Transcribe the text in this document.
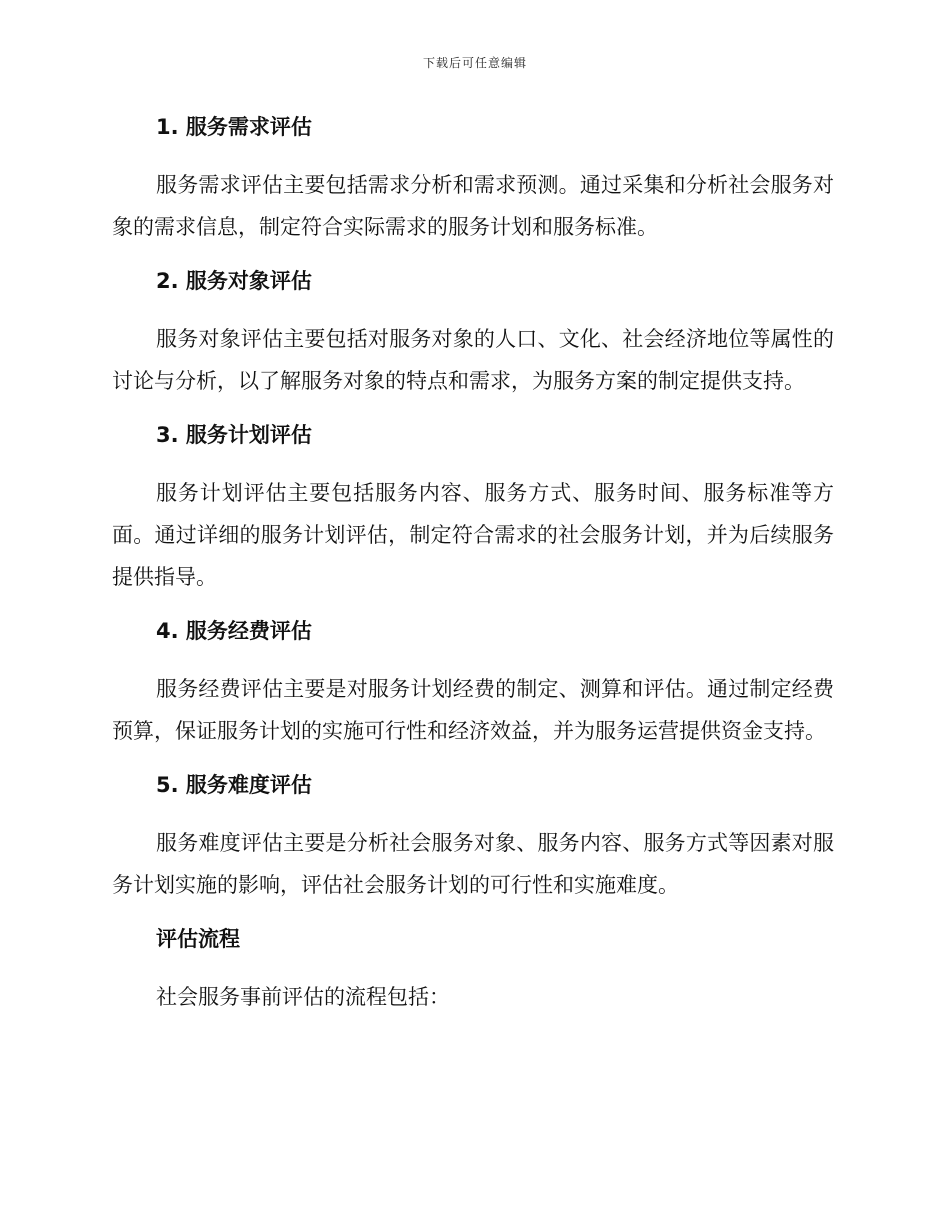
下载后可任意编辑
1. 服务需求评估

服务需求评估主要包括需求分析和需求预测。通过采集和分析社会服务对象的需求信息，制定符合实际需求的服务计划和服务标准。

2. 服务对象评估

服务对象评估主要包括对服务对象的人口、文化、社会经济地位等属性的讨论与分析，以了解服务对象的特点和需求，为服务方案的制定提供支持。

3. 服务计划评估

服务计划评估主要包括服务内容、服务方式、服务时间、服务标准等方面。通过详细的服务计划评估，制定符合需求的社会服务计划，并为后续服务提供指导。

4. 服务经费评估

服务经费评估主要是对服务计划经费的制定、测算和评估。通过制定经费预算，保证服务计划的实施可行性和经济效益，并为服务运营提供资金支持。

5. 服务难度评估

服务难度评估主要是分析社会服务对象、服务内容、服务方式等因素对服务计划实施的影响，评估社会服务计划的可行性和实施难度。

评估流程

社会服务事前评估的流程包括：
